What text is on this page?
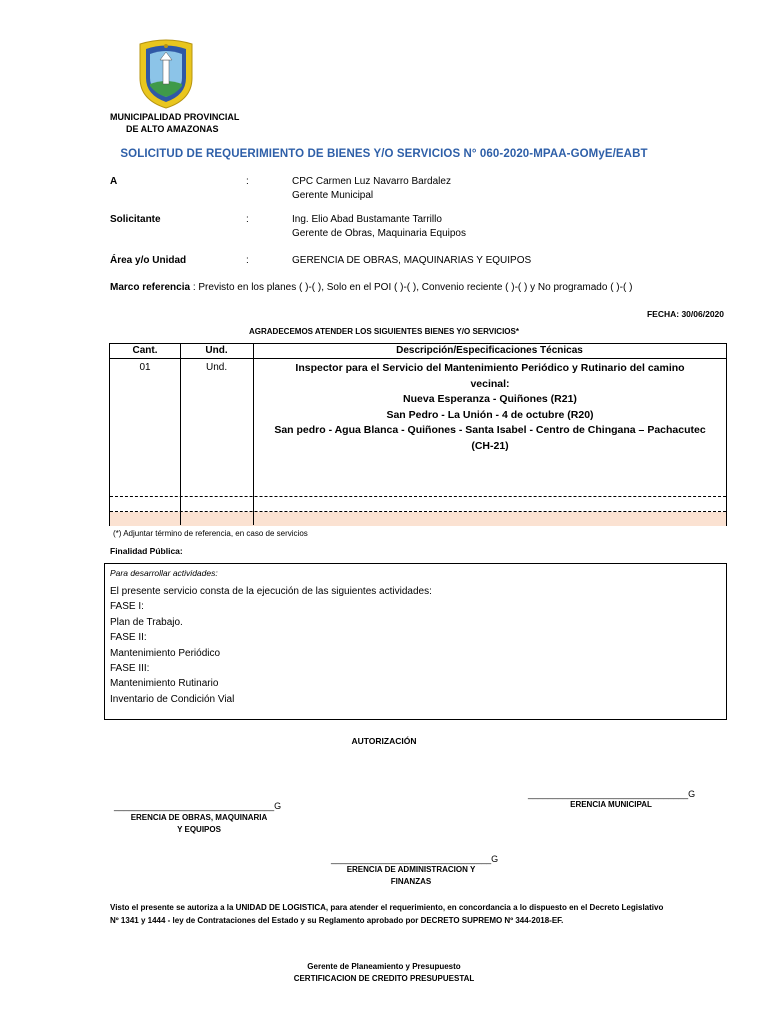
MUNICIPALIDAD PROVINCIAL
DE ALTO AMAZONAS
SOLICITUD DE REQUERIMIENTO DE BIENES Y/O SERVICIOS N° 060-2020-MPAA-GOMyE/EABT
A	:	CPC Carmen Luz Navarro Bardalez
Gerente Municipal
Solicitante	:	Ing. Elio Abad Bustamante Tarrillo
Gerente de Obras, Maquinaria Equipos
Área y/o Unidad	:	GERENCIA DE OBRAS, MAQUINARIAS Y EQUIPOS
Marco referencia : Previsto en los planes ( )-( ), Solo en el POI ( )-( ), Convenio reciente ( )-( ) y No programado ( )-( )
FECHA: 30/06/2020
AGRADECEMOS ATENDER LOS SIGUIENTES BIENES Y/O SERVICIOS*
Cant.	Und.	Descripción/Especificaciones Técnicas
01	Und.	Inspector para el Servicio del Mantenimiento Periódico y Rutinario del camino
vecinal:
Nueva Esperanza - Quiñones (R21)
San Pedro - La Unión - 4 de octubre (R20)
San pedro - Agua Blanca - Quiñones - Santa Isabel - Centro de Chingana – Pachacutec
(CH-21)
(*) Adjuntar término de referencia, en caso de servicios
Finalidad Pública:
Para desarrollar actividades:
El presente servicio consta de la ejecución de las siguientes actividades:
FASE I:
Plan de Trabajo.
FASE II:
Mantenimiento Periódico
FASE III:
Mantenimiento Rutinario
Inventario de Condición Vial
AUTORIZACIÓN
________________________________G
ERENCIA MUNICIPAL
________________________________G
ERENCIA DE OBRAS, MAQUINARIA
Y EQUIPOS
________________________________G
ERENCIA DE ADMINISTRACION Y
FINANZAS
Visto el presente se autoriza a la UNIDAD DE LOGISTICA, para atender el requerimiento, en concordancia a lo dispuesto en el Decreto Legislativo
Nº 1341 y 1444 - ley de Contrataciones del Estado y su Reglamento aprobado por DECRETO SUPREMO Nº 344-2018-EF.
Gerente de Planeamiento y Presupuesto
CERTIFICACION DE CREDITO PRESUPUESTAL
